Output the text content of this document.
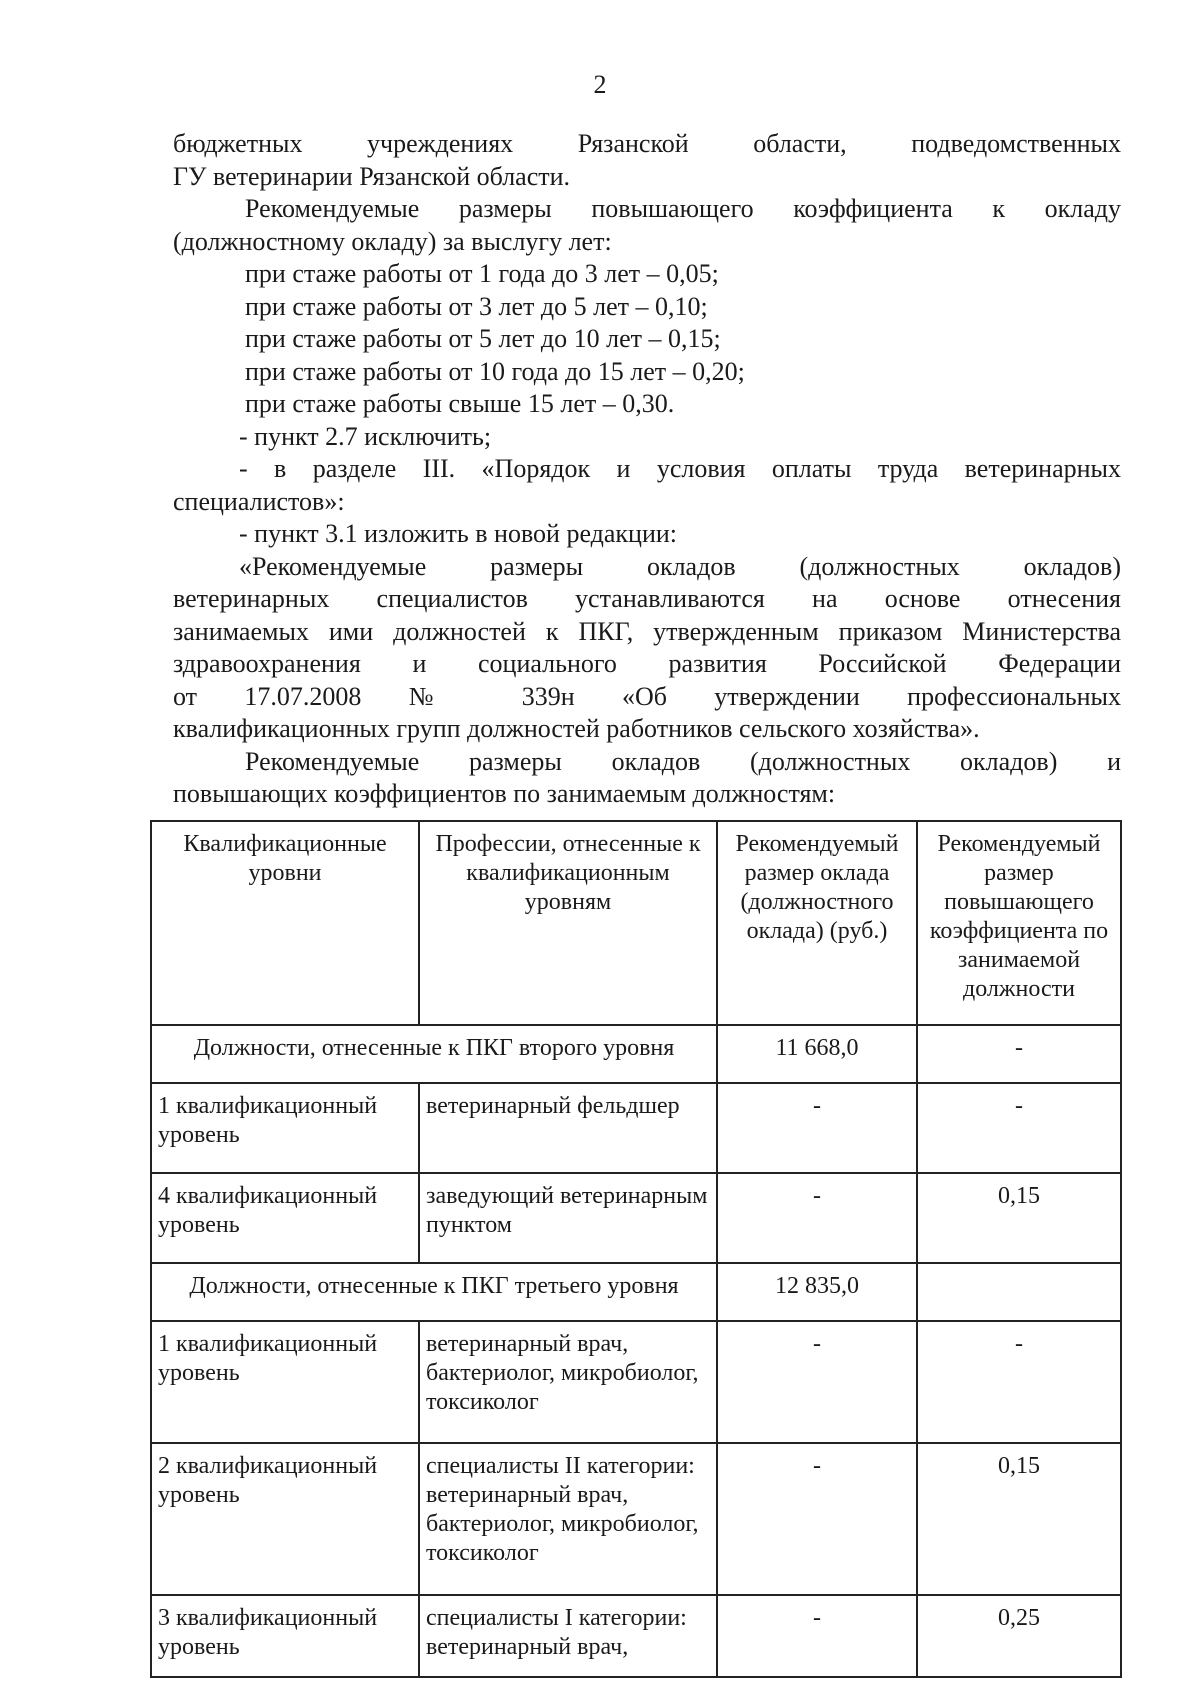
2

бюджетных учреждениях Рязанской области, подведомственных

ГУ ветеринарии Рязанской области.

Рекомендуемые размеры повышающего коэффициента к окладу

(должностному окладу) за выслугу лет:

при стаже работы от 1 года до 3 лет – 0,05;

при стаже работы от 3 лет до 5 лет – 0,10;

при стаже работы от 5 лет до 10 лет – 0,15;

при стаже работы от 10 года до 15 лет – 0,20;

при стаже работы свыше 15 лет – 0,30.

- пункт 2.7 исключить;

- в разделе III. «Порядок и условия оплаты труда ветеринарных

специалистов»:

- пункт 3.1 изложить в новой редакции:

«Рекомендуемые размеры окладов (должностных окладов)

ветеринарных специалистов устанавливаются на основе отнесения

занимаемых ими должностей к ПКГ, утвержденным приказом Министерства

здравоохранения и социального развития Российской Федерации

от 17.07.2008 № 339н «Об утверждении профессиональных

квалификационных групп должностей работников сельского хозяйства».

Рекомендуемые размеры окладов (должностных окладов) и

повышающих коэффициентов по занимаемым должностям:

Квалификационные уровни	Профессии, отнесенные к квалификационным уровням	Рекомендуемый размер оклада (должностного оклада) (руб.)	Рекомендуемый размер повышающего коэффициента по занимаемой должности
Должности, отнесенные к ПКГ второго уровня		11 668,0	-
1 квалификационный уровень	ветеринарный фельдшер	-	-
4 квалификационный уровень	заведующий ветеринарным пунктом	-	0,15
Должности, отнесенные к ПКГ третьего уровня		12 835,0	
1 квалификационный уровень	ветеринарный врач, бактериолог, микробиолог, токсиколог	-	-
2 квалификационный уровень	специалисты II категории: ветеринарный врач, бактериолог, микробиолог, токсиколог	-	0,15
3 квалификационный уровень	специалисты I категории: ветеринарный врач,	-	0,25
